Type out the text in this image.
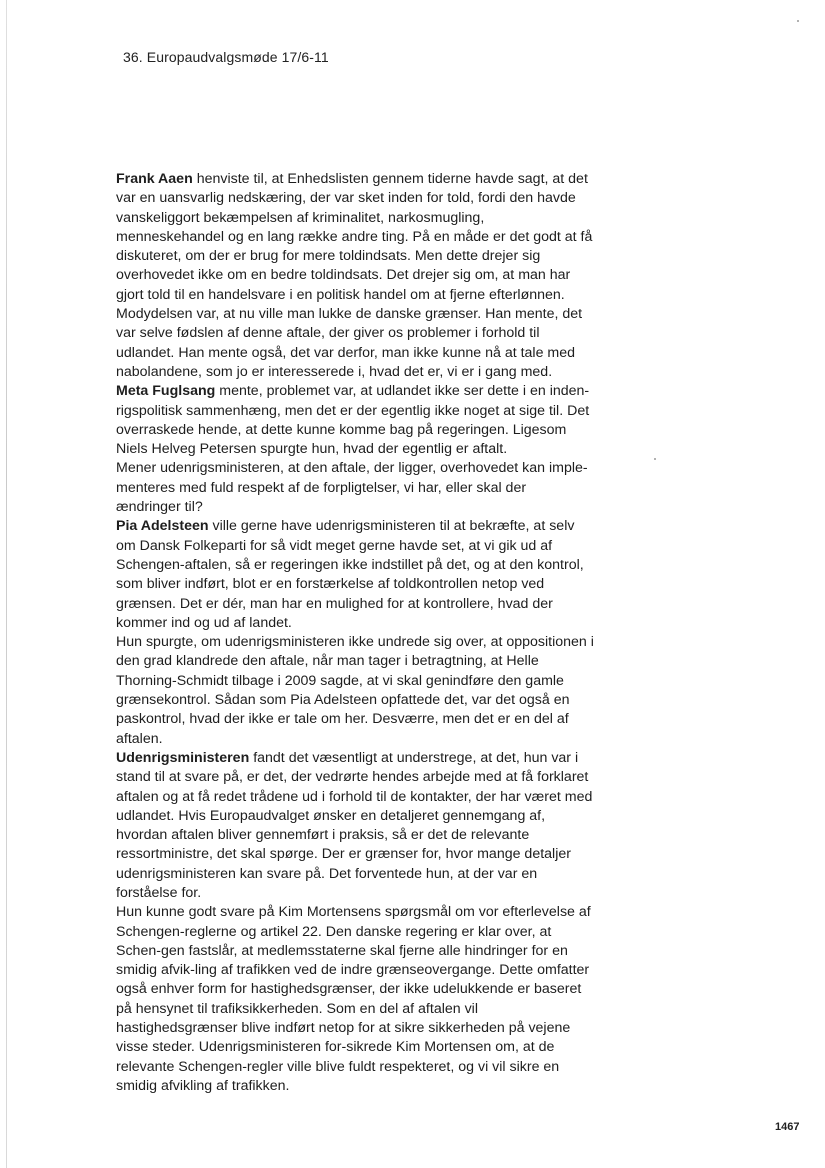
36. Europaudvalgsmøde 17/6-11

Frank Aaen henviste til, at Enhedslisten gennem tiderne havde sagt, at det var en uansvarlig nedskæring, der var sket inden for told, fordi den havde vanskeliggort bekæmpelsen af kriminalitet, narkosmugling, menneskehandel og en lang række andre ting. På en måde er det godt at få diskuteret, om der er brug for mere toldindsats. Men dette drejer sig overhovedet ikke om en bedre toldindsats. Det drejer sig om, at man har gjort told til en handelsvare i en politisk handel om at fjerne efterlønnen. Modydelsen var, at nu ville man lukke de danske grænser. Han mente, det var selve fødslen af denne aftale, der giver os problemer i forhold til udlandet. Han mente også, det var derfor, man ikke kunne nå at tale med nabolandene, som jo er interesserede i, hvad det er, vi er i gang med.

Meta Fuglsang mente, problemet var, at udlandet ikke ser dette i en inden-rigspolitisk sammenhæng, men det er der egentlig ikke noget at sige til. Det overraskede hende, at dette kunne komme bag på regeringen. Ligesom Niels Helveg Petersen spurgte hun, hvad der egentlig er aftalt.

Mener udenrigsministeren, at den aftale, der ligger, overhovedet kan imple-menteres med fuld respekt af de forpligtelser, vi har, eller skal der ændringer til?

Pia Adelsteen ville gerne have udenrigsministeren til at bekræfte, at selv om Dansk Folkeparti for så vidt meget gerne havde set, at vi gik ud af Schengen-aftalen, så er regeringen ikke indstillet på det, og at den kontrol, som bliver indført, blot er en forstærkelse af toldkontrollen netop ved grænsen. Det er dér, man har en mulighed for at kontrollere, hvad der kommer ind og ud af landet.

Hun spurgte, om udenrigsministeren ikke undrede sig over, at oppositionen i den grad klandrede den aftale, når man tager i betragtning, at Helle Thorning-Schmidt tilbage i 2009 sagde, at vi skal genindføre den gamle grænsekontrol. Sådan som Pia Adelsteen opfattede det, var det også en paskontrol, hvad der ikke er tale om her. Desværre, men det er en del af aftalen.

Udenrigsministeren fandt det væsentligt at understrege, at det, hun var i stand til at svare på, er det, der vedrørte hendes arbejde med at få forklaret aftalen og at få redet trådene ud i forhold til de kontakter, der har været med udlandet. Hvis Europaudvalget ønsker en detaljeret gennemgang af, hvordan aftalen bliver gennemført i praksis, så er det de relevante ressortministre, det skal spørge. Der er grænser for, hvor mange detaljer udenrigsministeren kan svare på. Det forventede hun, at der var en forståelse for.

Hun kunne godt svare på Kim Mortensens spørgsmål om vor efterlevelse af Schengen-reglerne og artikel 22. Den danske regering er klar over, at Schen-gen fastslår, at medlemsstaterne skal fjerne alle hindringer for en smidig afvik-ling af trafikken ved de indre grænseovergange. Dette omfatter også enhver form for hastighedsgrænser, der ikke udelukkende er baseret på hensynet til trafiksikkerheden. Som en del af aftalen vil hastighedsgrænser blive indført netop for at sikre sikkerheden på vejene visse steder. Udenrigsministeren for-sikrede Kim Mortensen om, at de relevante Schengen-regler ville blive fuldt respekteret, og vi vil sikre en smidig afvikling af trafikken.

1467
